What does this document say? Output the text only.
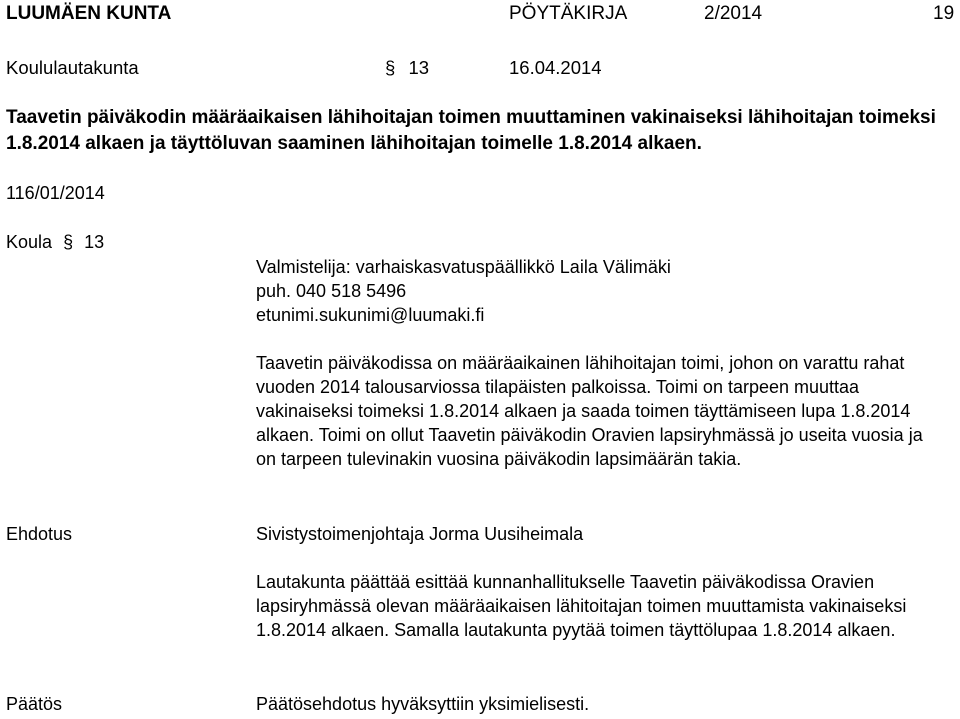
LUUMÄEN KUNTA	PÖYTÄKIRJA	2/2014	19
Koululautakunta	§ 13	16.04.2014
Taavetin päiväkodin määräaikaisen lähihoitajan toimen muuttaminen vakinaiseksi lähihoitajan toimeksi 1.8.2014 alkaen ja täyttöluvan saaminen lähihoitajan toimelle 1.8.2014 alkaen.
116/01/2014
Koula § 13
Valmistelija: varhaiskasvatuspäällikkö Laila Välimäki
puh. 040 518 5496
etunimi.sukunimi@luumaki.fi
Taavetin päiväkodissa on määräaikainen lähihoitajan toimi, johon on varattu rahat vuoden 2014 talousarviossa tilapäisten palkoissa. Toimi on tarpeen muuttaa vakinaiseksi toimeksi 1.8.2014 alkaen ja saada toimen täyttämiseen lupa 1.8.2014 alkaen. Toimi on ollut Taavetin päiväkodin Oravien lapsiryhmässä jo useita vuosia ja on tarpeen tulevinakin vuosina päiväkodin lapsimäärän takia.
Ehdotus	Sivistystoimenjohtaja Jorma Uusiheimala
Lautakunta päättää esittää kunnanhallitukselle Taavetin päiväkodissa Oravien lapsiryhmässä olevan määräaikaisen lähitoitajan toimen muuttamista vakinaiseksi 1.8.2014 alkaen. Samalla lautakunta pyytää toimen täyttölupaa 1.8.2014 alkaen.
Päätös	Päätösehdotus hyväksyttiin yksimielisesti.
